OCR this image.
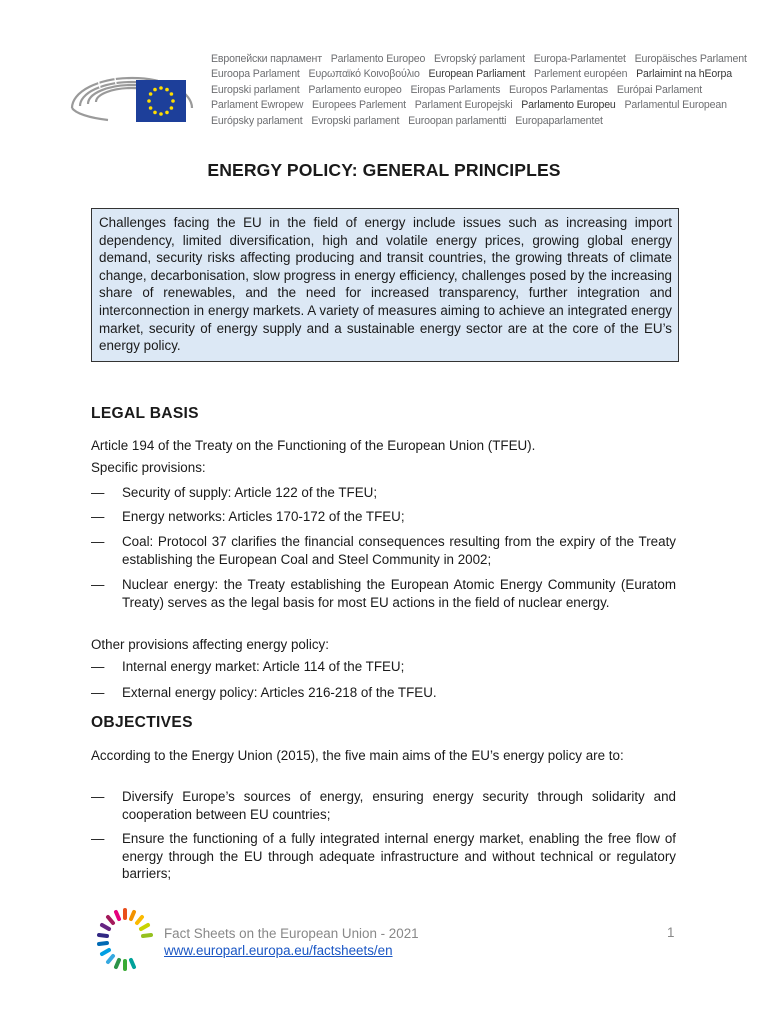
Европейски парламент Parlamento Europeo Evropský parlament Europa-Parlamentet Europäisches Parlament
Euroopa Parlament Ευρωπαϊκό Κοινοβούλιο European Parliament Parlement européen Parlaimint na hEorpa
Europski parlament Parlamento europeo Eiropas Parlaments Europos Parlamentas Európai Parlament
Parlament Ewropew Europees Parlement Parlament Europejski Parlamento Europeu Parlamentul European
Európsky parlament Evropski parlament Euroopan parlamentti Europaparlamentet
ENERGY POLICY: GENERAL PRINCIPLES
Challenges facing the EU in the field of energy include issues such as increasing import dependency, limited diversification, high and volatile energy prices, growing global energy demand, security risks affecting producing and transit countries, the growing threats of climate change, decarbonisation, slow progress in energy efficiency, challenges posed by the increasing share of renewables, and the need for increased transparency, further integration and interconnection in energy markets. A variety of measures aiming to achieve an integrated energy market, security of energy supply and a sustainable energy sector are at the core of the EU’s energy policy.
LEGAL BASIS
Article 194 of the Treaty on the Functioning of the European Union (TFEU).
Specific provisions:
— Security of supply: Article 122 of the TFEU;
— Energy networks: Articles 170-172 of the TFEU;
— Coal: Protocol 37 clarifies the financial consequences resulting from the expiry of the Treaty establishing the European Coal and Steel Community in 2002;
— Nuclear energy: the Treaty establishing the European Atomic Energy Community (Euratom Treaty) serves as the legal basis for most EU actions in the field of nuclear energy.
Other provisions affecting energy policy:
— Internal energy market: Article 114 of the TFEU;
— External energy policy: Articles 216-218 of the TFEU.
OBJECTIVES
According to the Energy Union (2015), the five main aims of the EU’s energy policy are to:
— Diversify Europe’s sources of energy, ensuring energy security through solidarity and cooperation between EU countries;
— Ensure the functioning of a fully integrated internal energy market, enabling the free flow of energy through the EU through adequate infrastructure and without technical or regulatory barriers;
Fact Sheets on the European Union - 2021
www.europarl.europa.eu/factsheets/en
1
